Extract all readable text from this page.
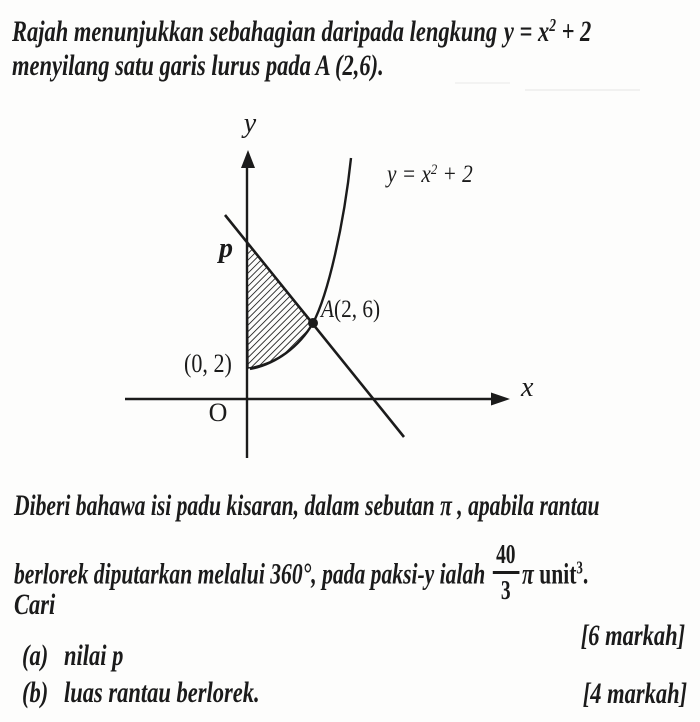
Rajah menunjukkan sebahagian daripada lengkung $y = x^2 + 2$
menyilang satu garis lurus pada A (2,6).
y
x
p
O
(0, 2)
A(2, 6)
$y = x^2 + 2$
Diberi bahawa isi padu kisaran, dalam sebutan π , apabila rantau
berlorek diputarkan melalui 360°, pada paksi-y ialah $\frac{40}{3}$ π unit$^3$.
Cari
(a) nilai p
[6 markah]
(b) luas rantau berlorek.	[4 markah]
